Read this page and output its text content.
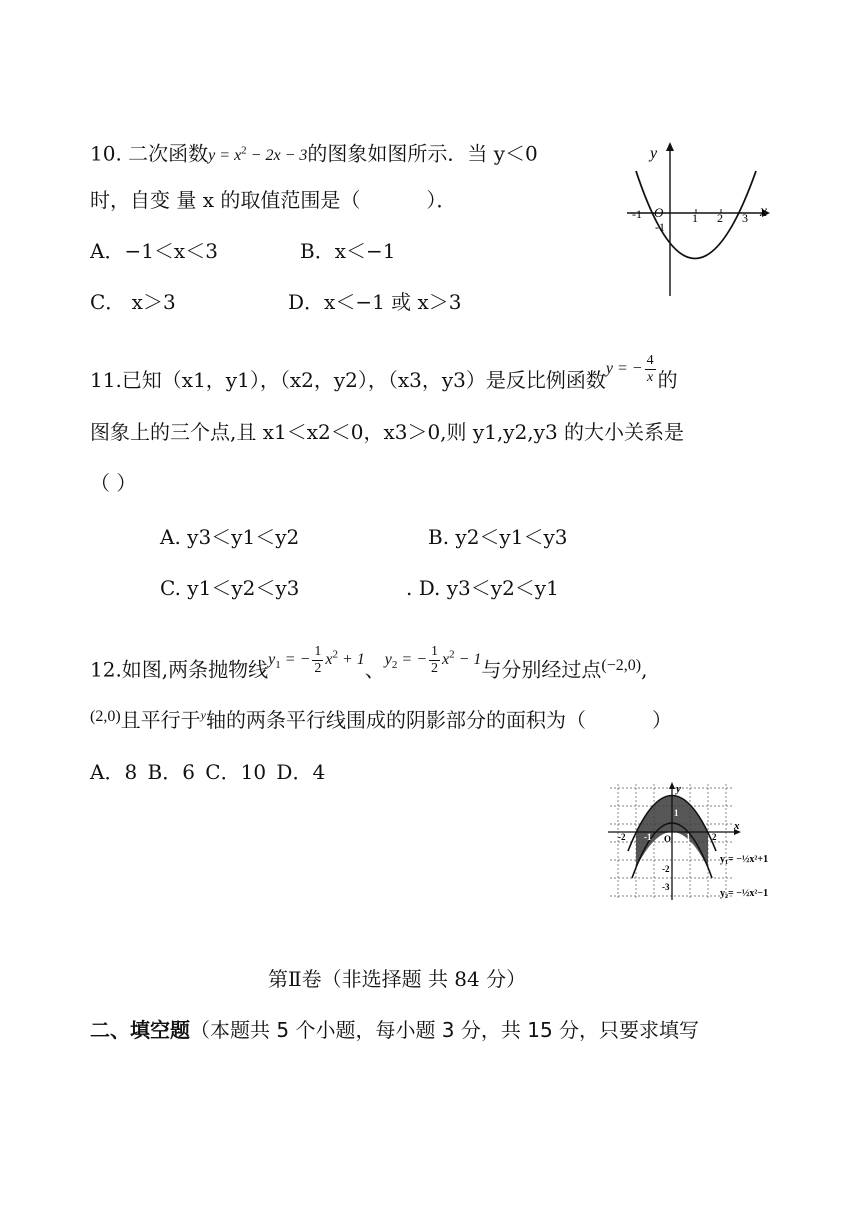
10. 二次函数$y = x^2 - 2x - 3$的图象如图所示．当 y＜0
时，自变 量 x 的取值范围是（	）．
A．−1＜x＜3	B．x＜−1
C． x＞3	D．x＜−1 或 x＞3
y
x
O
-1	1 2 3
-1
11.已知（x1，y1），（x2，y2），（x3，y3）是反比例函数$^{y = - \frac{4}{x}}$ 的
图象上的三个点,且 x1＜x2＜0，x3＞0,则 y1,y2,y3 的大小关系是
（ ）
A. y3＜y1＜y2	B. y2＜y1＜y3
C. y1＜y2＜y3	. D. y3＜y2＜y1
12.如图,两条抛物线$^{y_1 = - \frac{1}{2} x^2 + 1}$、$^{y_2 = - \frac{1}{2} x^2 - 1}$与分别经过点$^{(-2,0)}$,
$^{(2,0)}$且平行于$^y$轴的两条平行线围成的阴影部分的面积为（	）
A．8 B．6 C．10 D．4
y
x
O
-2 -1	1 2
1
-2
-3
y₁= −½x²+1
y₂= −½x²−1
第Ⅱ卷（非选择题 共 84 分）
二、填空题（本题共 5 个小题，每小题 3 分，共 15 分，只要求填写
